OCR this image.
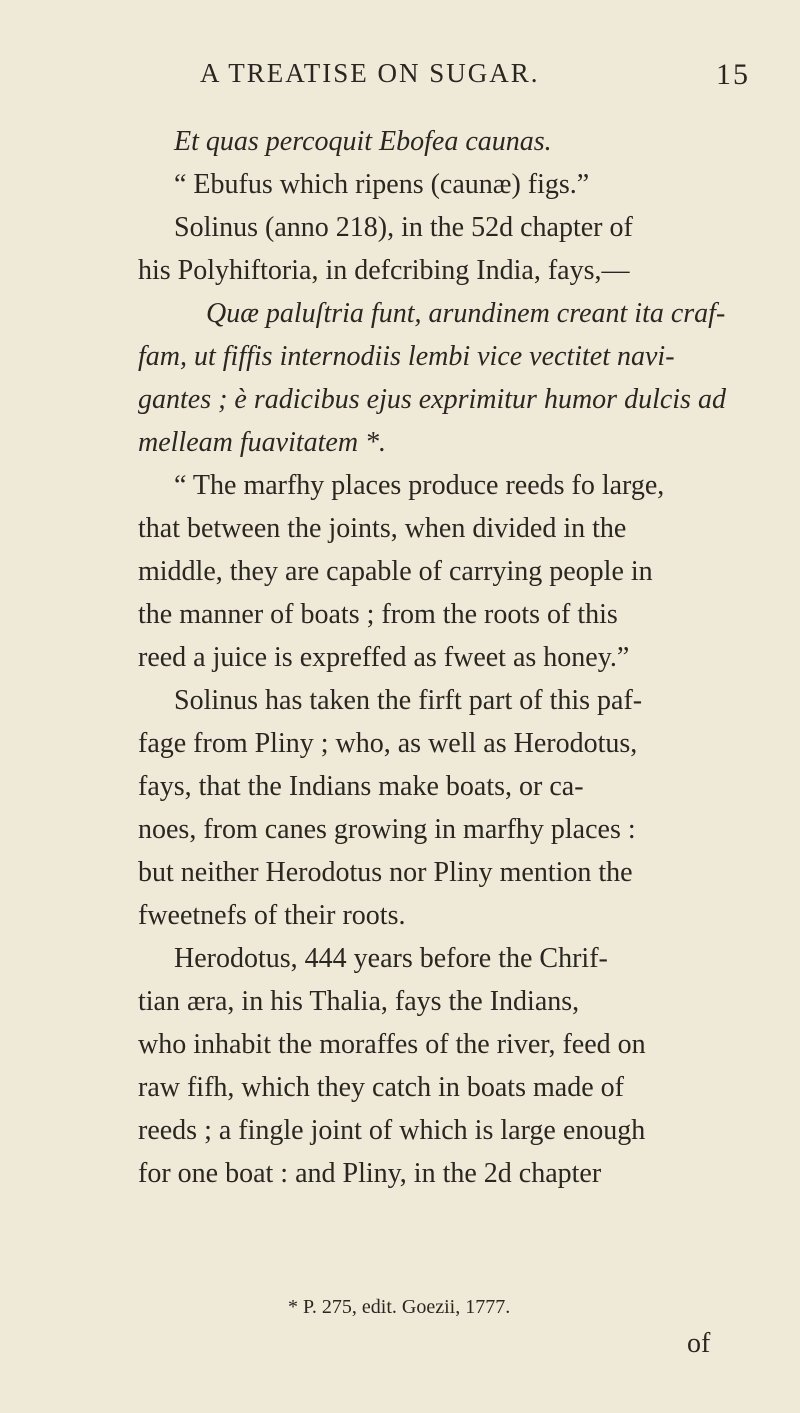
A TREATISE ON SUGAR.	15
Et quas percoquit Ebofea caunas.
“ Ebufus which ripens (caunæ) figs.”
Solinus (anno 218), in the 52d chapter of
his Polyhiftoria, in defcribing India, fays,—
Quæ paluſtria funt, arundinem creant ita craf-
fam, ut fiffis internodiis lembi vice vectitet navi-
gantes ; è radicibus ejus exprimitur humor dulcis ad
melleam fuavitatem *.
“ The marfhy places produce reeds fo large,
that between the joints, when divided in the
middle, they are capable of carrying people in
the manner of boats ; from the roots of this
reed a juice is expreffed as fweet as honey.”
Solinus has taken the firft part of this paf-
fage from Pliny ; who, as well as Herodotus,
fays, that the Indians make boats, or ca-
noes, from canes growing in marfhy places :
but neither Herodotus nor Pliny mention the
fweetnefs of their roots.
Herodotus, 444 years before the Chrif-
tian æra, in his Thalia, fays the Indians,
who inhabit the moraffes of the river, feed on
raw fifh, which they catch in boats made of
reeds ; a fingle joint of which is large enough
for one boat : and Pliny, in the 2d chapter
* P. 275, edit. Goezii, 1777.
of
